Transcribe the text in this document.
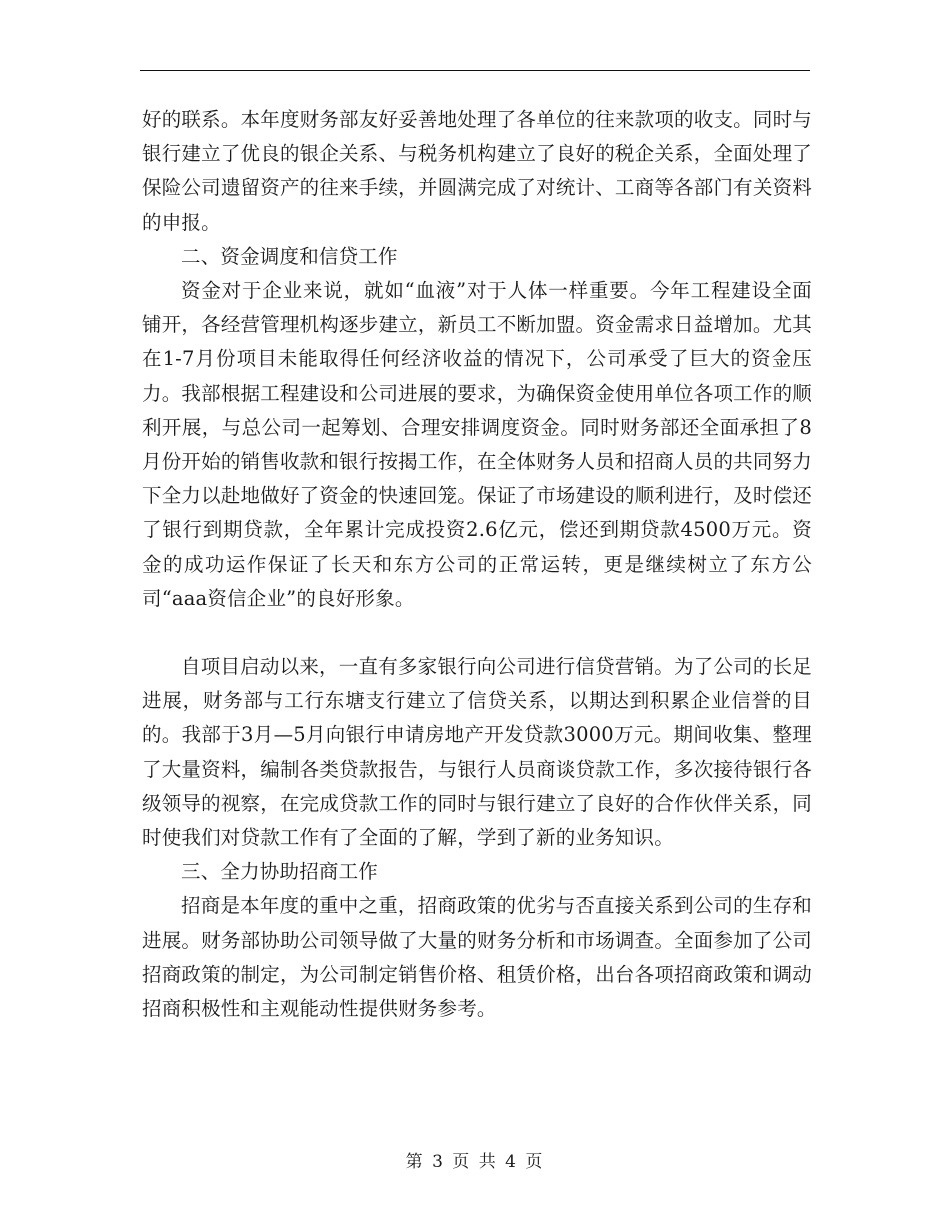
好的联系。本年度财务部友好妥善地处理了各单位的往来款项的收支。同时与银行建立了优良的银企关系、与税务机构建立了良好的税企关系，全面处理了保险公司遗留资产的往来手续，并圆满完成了对统计、工商等各部门有关资料的申报。

二、资金调度和信贷工作

资金对于企业来说，就如“血液”对于人体一样重要。今年工程建设全面铺开，各经营管理机构逐步建立，新员工不断加盟。资金需求日益增加。尤其在1-7月份项目未能取得任何经济收益的情况下，公司承受了巨大的资金压力。我部根据工程建设和公司进展的要求，为确保资金使用单位各项工作的顺利开展，与总公司一起筹划、合理安排调度资金。同时财务部还全面承担了8月份开始的销售收款和银行按揭工作，在全体财务人员和招商人员的共同努力下全力以赴地做好了资金的快速回笼。保证了市场建设的顺利进行，及时偿还了银行到期贷款，全年累计完成投资2.6亿元，偿还到期贷款4500万元。资金的成功运作保证了长天和东方公司的正常运转，更是继续树立了东方公司“aaa资信企业”的良好形象。

自项目启动以来，一直有多家银行向公司进行信贷营销。为了公司的长足进展，财务部与工行东塘支行建立了信贷关系，以期达到积累企业信誉的目的。我部于3月—5月向银行申请房地产开发贷款3000万元。期间收集、整理了大量资料，编制各类贷款报告，与银行人员商谈贷款工作，多次接待银行各级领导的视察，在完成贷款工作的同时与银行建立了良好的合作伙伴关系，同时使我们对贷款工作有了全面的了解，学到了新的业务知识。

三、全力协助招商工作

招商是本年度的重中之重，招商政策的优劣与否直接关系到公司的生存和进展。财务部协助公司领导做了大量的财务分析和市场调查。全面参加了公司招商政策的制定，为公司制定销售价格、租赁价格，出台各项招商政策和调动招商积极性和主观能动性提供财务参考。

第 3 页 共 4 页
